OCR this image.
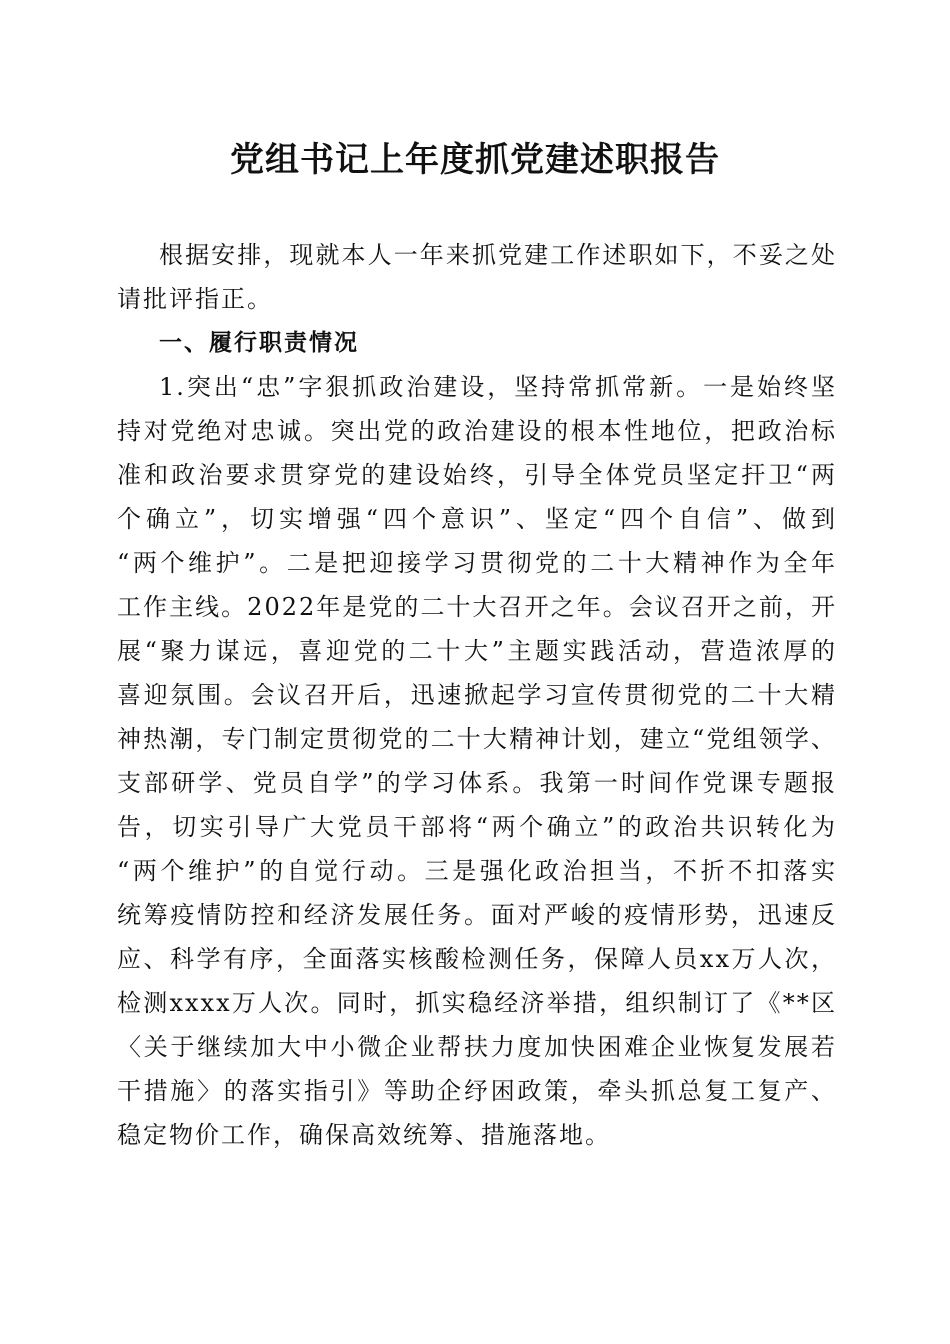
党组书记上年度抓党建述职报告
根据安排，现就本人一年来抓党建工作述职如下，不妥之处
请批评指正。
一、履行职责情况
1.突出“忠”字狠抓政治建设，坚持常抓常新。一是始终坚
持对党绝对忠诚。突出党的政治建设的根本性地位，把政治标
准和政治要求贯穿党的建设始终，引导全体党员坚定扞卫“两
个确立”，切实增强“四个意识”、坚定“四个自信”、做到
“两个维护”。二是把迎接学习贯彻党的二十大精神作为全年
工作主线。2022年是党的二十大召开之年。会议召开之前，开
展“聚力谋远，喜迎党的二十大”主题实践活动，营造浓厚的
喜迎氛围。会议召开后，迅速掀起学习宣传贯彻党的二十大精
神热潮，专门制定贯彻党的二十大精神计划，建立“党组领学、
支部研学、党员自学”的学习体系。我第一时间作党课专题报
告，切实引导广大党员干部将“两个确立”的政治共识转化为
“两个维护”的自觉行动。三是强化政治担当，不折不扣落实
统筹疫情防控和经济发展任务。面对严峻的疫情形势，迅速反
应、科学有序，全面落实核酸检测任务，保障人员xx万人次，
检测xxxx万人次。同时，抓实稳经济举措，组织制订了《**区
〈关于继续加大中小微企业帮扶力度加快困难企业恢复发展若
干措施〉的落实指引》等助企纾困政策，牵头抓总复工复产、
稳定物价工作，确保高效统筹、措施落地。
